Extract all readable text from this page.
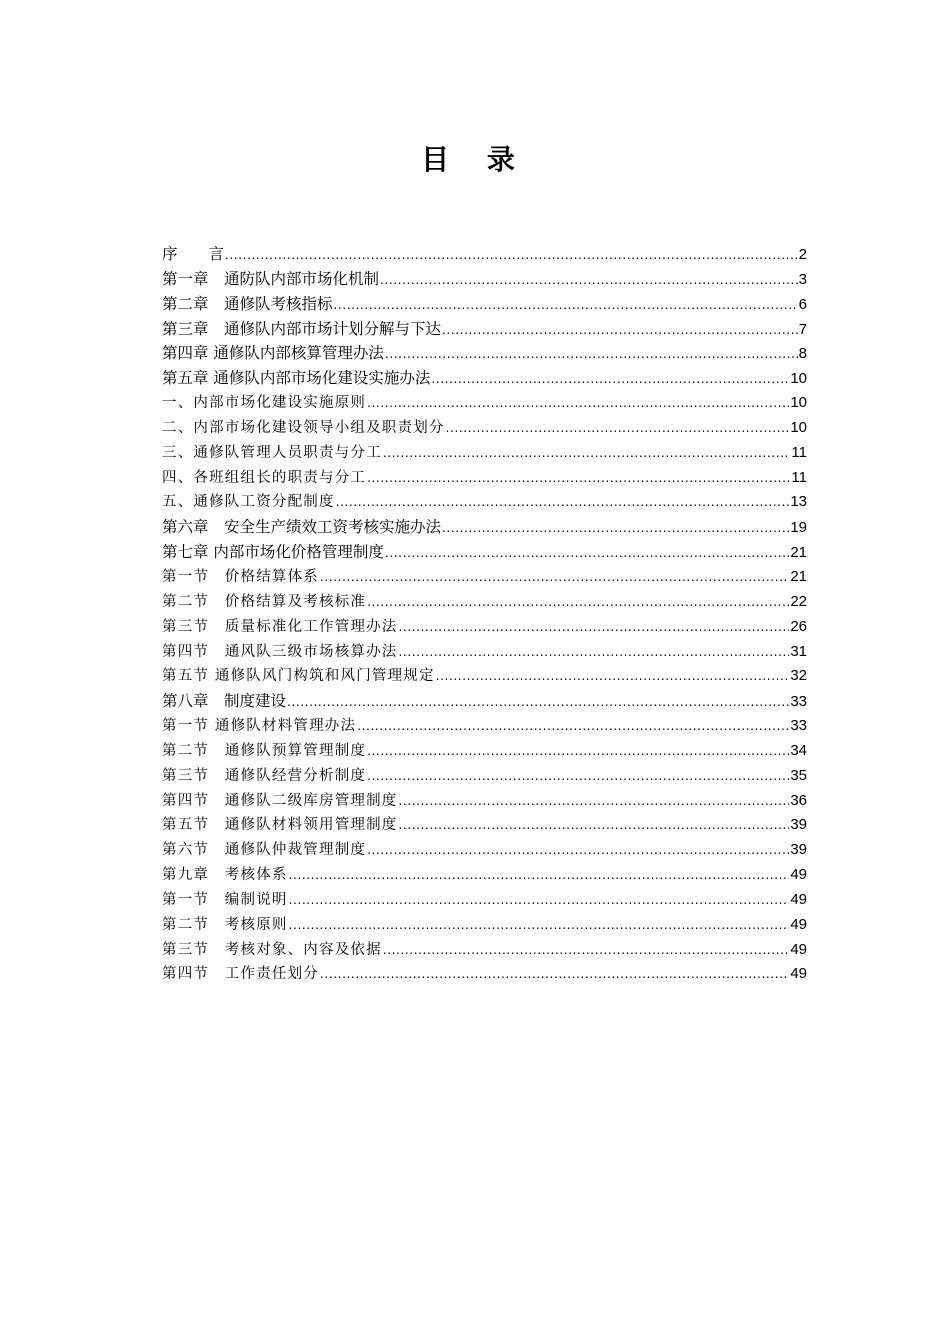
目 录
序　　言 .....	2
第一章　通防队内部市场化机制 .....	3
第二章　通修队考核指标 .....	6
第三章　通修队内部市场计划分解与下达 .....	7
第四章 通修队内部核算管理办法 .....	8
第五章 通修队内部市场化建设实施办法 .....	10
一、内部市场化建设实施原则 .....	10
二、内部市场化建设领导小组及职责划分 .....	10
三、通修队管理人员职责与分工 .....	11
四、各班组组长的职责与分工 .....	11
五、通修队工资分配制度 .....	13
第六章　安全生产绩效工资考核实施办法 .....	19
第七章 内部市场化价格管理制度 .....	21
第一节　价格结算体系 .....	21
第二节　价格结算及考核标准 .....	22
第三节　质量标准化工作管理办法 .....	26
第四节　通风队三级市场核算办法 .....	31
第五节 通修队风门构筑和风门管理规定 .....	32
第八章　制度建设 .....	33
第一节 通修队材料管理办法 .....	33
第二节　通修队预算管理制度 .....	34
第三节　通修队经营分析制度 .....	35
第四节　通修队二级库房管理制度 .....	36
第五节　通修队材料领用管理制度 .....	39
第六节　通修队仲裁管理制度 .....	39
第九章　考核体系 .....	49
第一节　编制说明 .....	49
第二节　考核原则 .....	49
第三节　考核对象、内容及依据 .....	49
第四节　工作责任划分 .....	49
